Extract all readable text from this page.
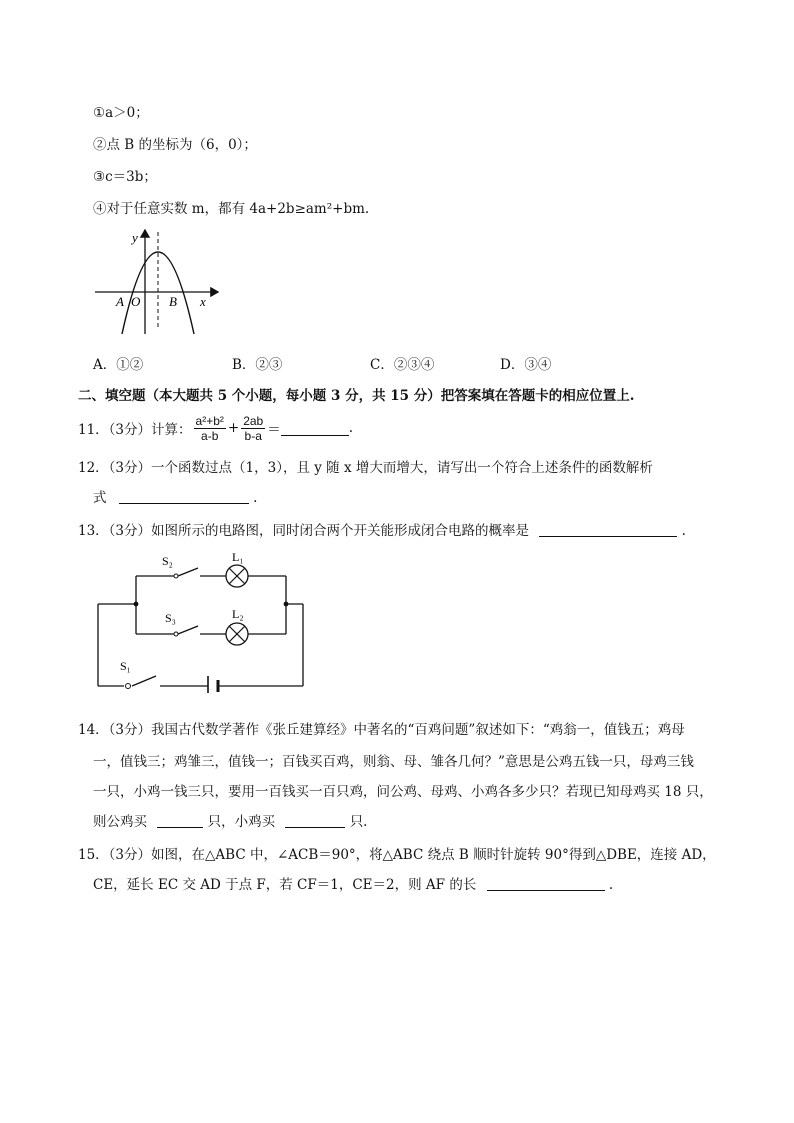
①a＞0；
②点 B 的坐标为（6，0）；
③c＝3b；
④对于任意实数 m，都有 4a+2b≥am²+bm.
y
x
A O B
A．①②	B．②③	C．②③④	D．③④
二、填空题（本大题共 5 个小题，每小题 3 分，共 15 分）把答案填在答题卡的相应位置上.
11．（3分）计算： $\frac{\text{a²+b²}}{a-b} + \frac{2ab}{b-a}$ ＝	.
12．（3分）一个函数过点（1，3），且 y 随 x 增大而增大，请写出一个符合上述条件的函数解析
式	.
13．（3分）如图所示的电路图，同时闭合两个开关能形成闭合电路的概率是	.
S₂	L₁
S₃	L₂
S₁
14．（3分）我国古代数学著作《张丘建算经》中著名的“百鸡问题”叙述如下：“鸡翁一，值钱五；鸡母
一，值钱三；鸡雏三，值钱一；百钱买百鸡，则翁、母、雏各几何？”意思是公鸡五钱一只，母鸡三钱
一只，小鸡一钱三只，要用一百钱买一百只鸡，问公鸡、母鸡、小鸡各多少只？若现已知母鸡买 18 只，
则公鸡买	只，小鸡买	只.
15．（3分）如图，在△ABC 中，∠ACB＝90°，将△ABC 绕点 B 顺时针旋转 90°得到△DBE，连接 AD，
CE，延长 EC 交 AD 于点 F，若 CF＝1，CE＝2，则 AF 的长	.
